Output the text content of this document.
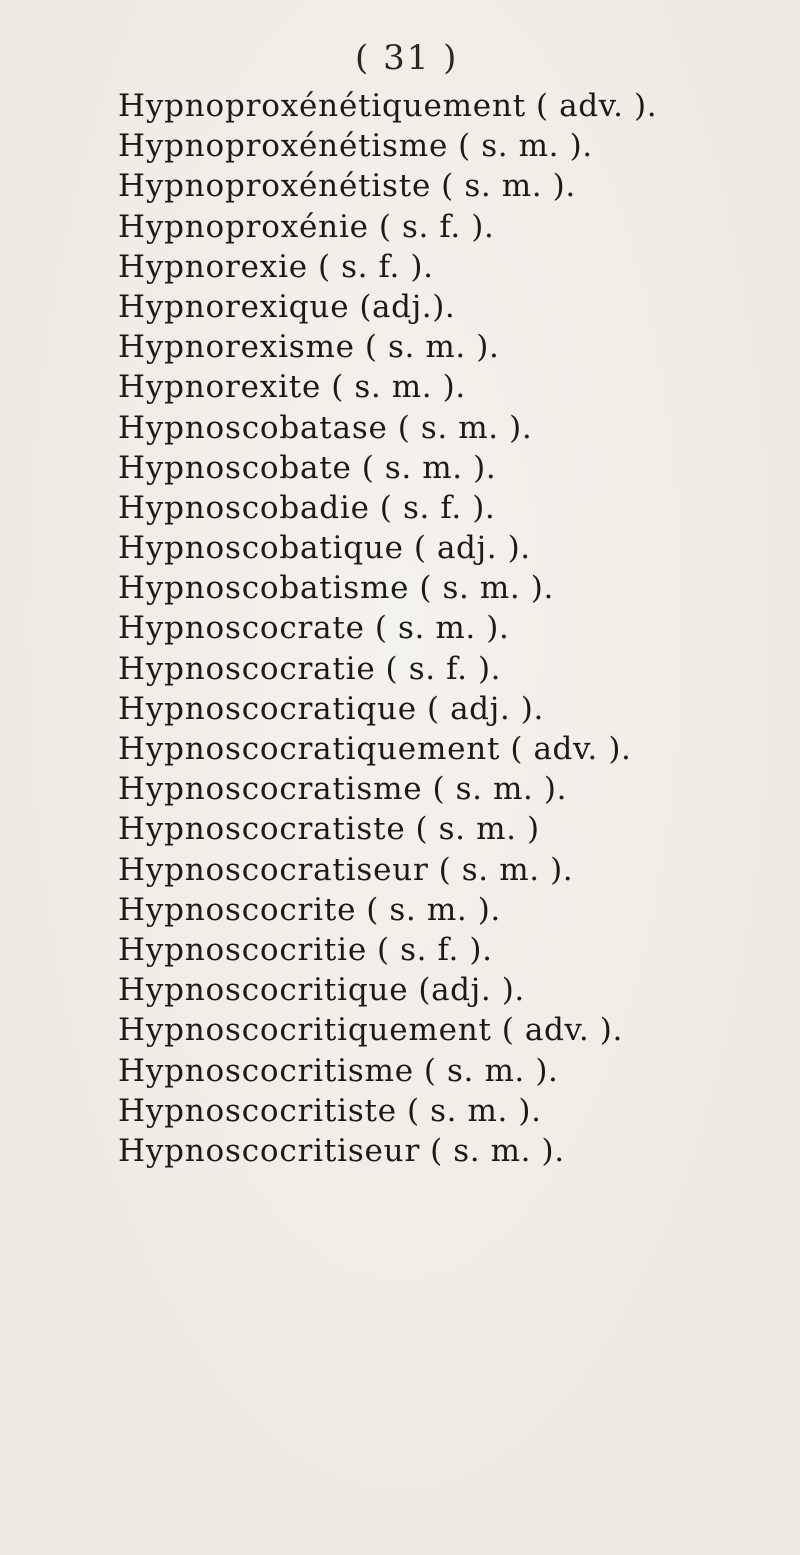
( 31 )
Hypnoproxénétiquement ( adv. ).
Hypnoproxénétisme ( s. m. ).
Hypnoproxénétiste ( s. m. ).
Hypnoproxénie ( s. f. ).
Hypnorexie ( s. f. ).
Hypnorexique (adj.).
Hypnorexisme ( s. m. ).
Hypnorexite ( s. m. ).
Hypnoscobatase ( s. m. ).
Hypnoscobate ( s. m. ).
Hypnoscobadie ( s. f. ).
Hypnoscobatique ( adj. ).
Hypnoscobatisme ( s. m. ).
Hypnoscocrate ( s. m. ).
Hypnoscocratie ( s. f. ).
Hypnoscocratique ( adj. ).
Hypnoscocratiquement ( adv. ).
Hypnoscocratisme ( s. m. ).
Hypnoscocratiste ( s. m. )
Hypnoscocratiseur ( s. m. ).
Hypnoscocrite ( s. m. ).
Hypnoscocritie ( s. f. ).
Hypnoscocritique (adj. ).
Hypnoscocritiquement ( adv. ).
Hypnoscocritisme ( s. m. ).
Hypnoscocritiste ( s. m. ).
Hypnoscocritiseur ( s. m. ).
